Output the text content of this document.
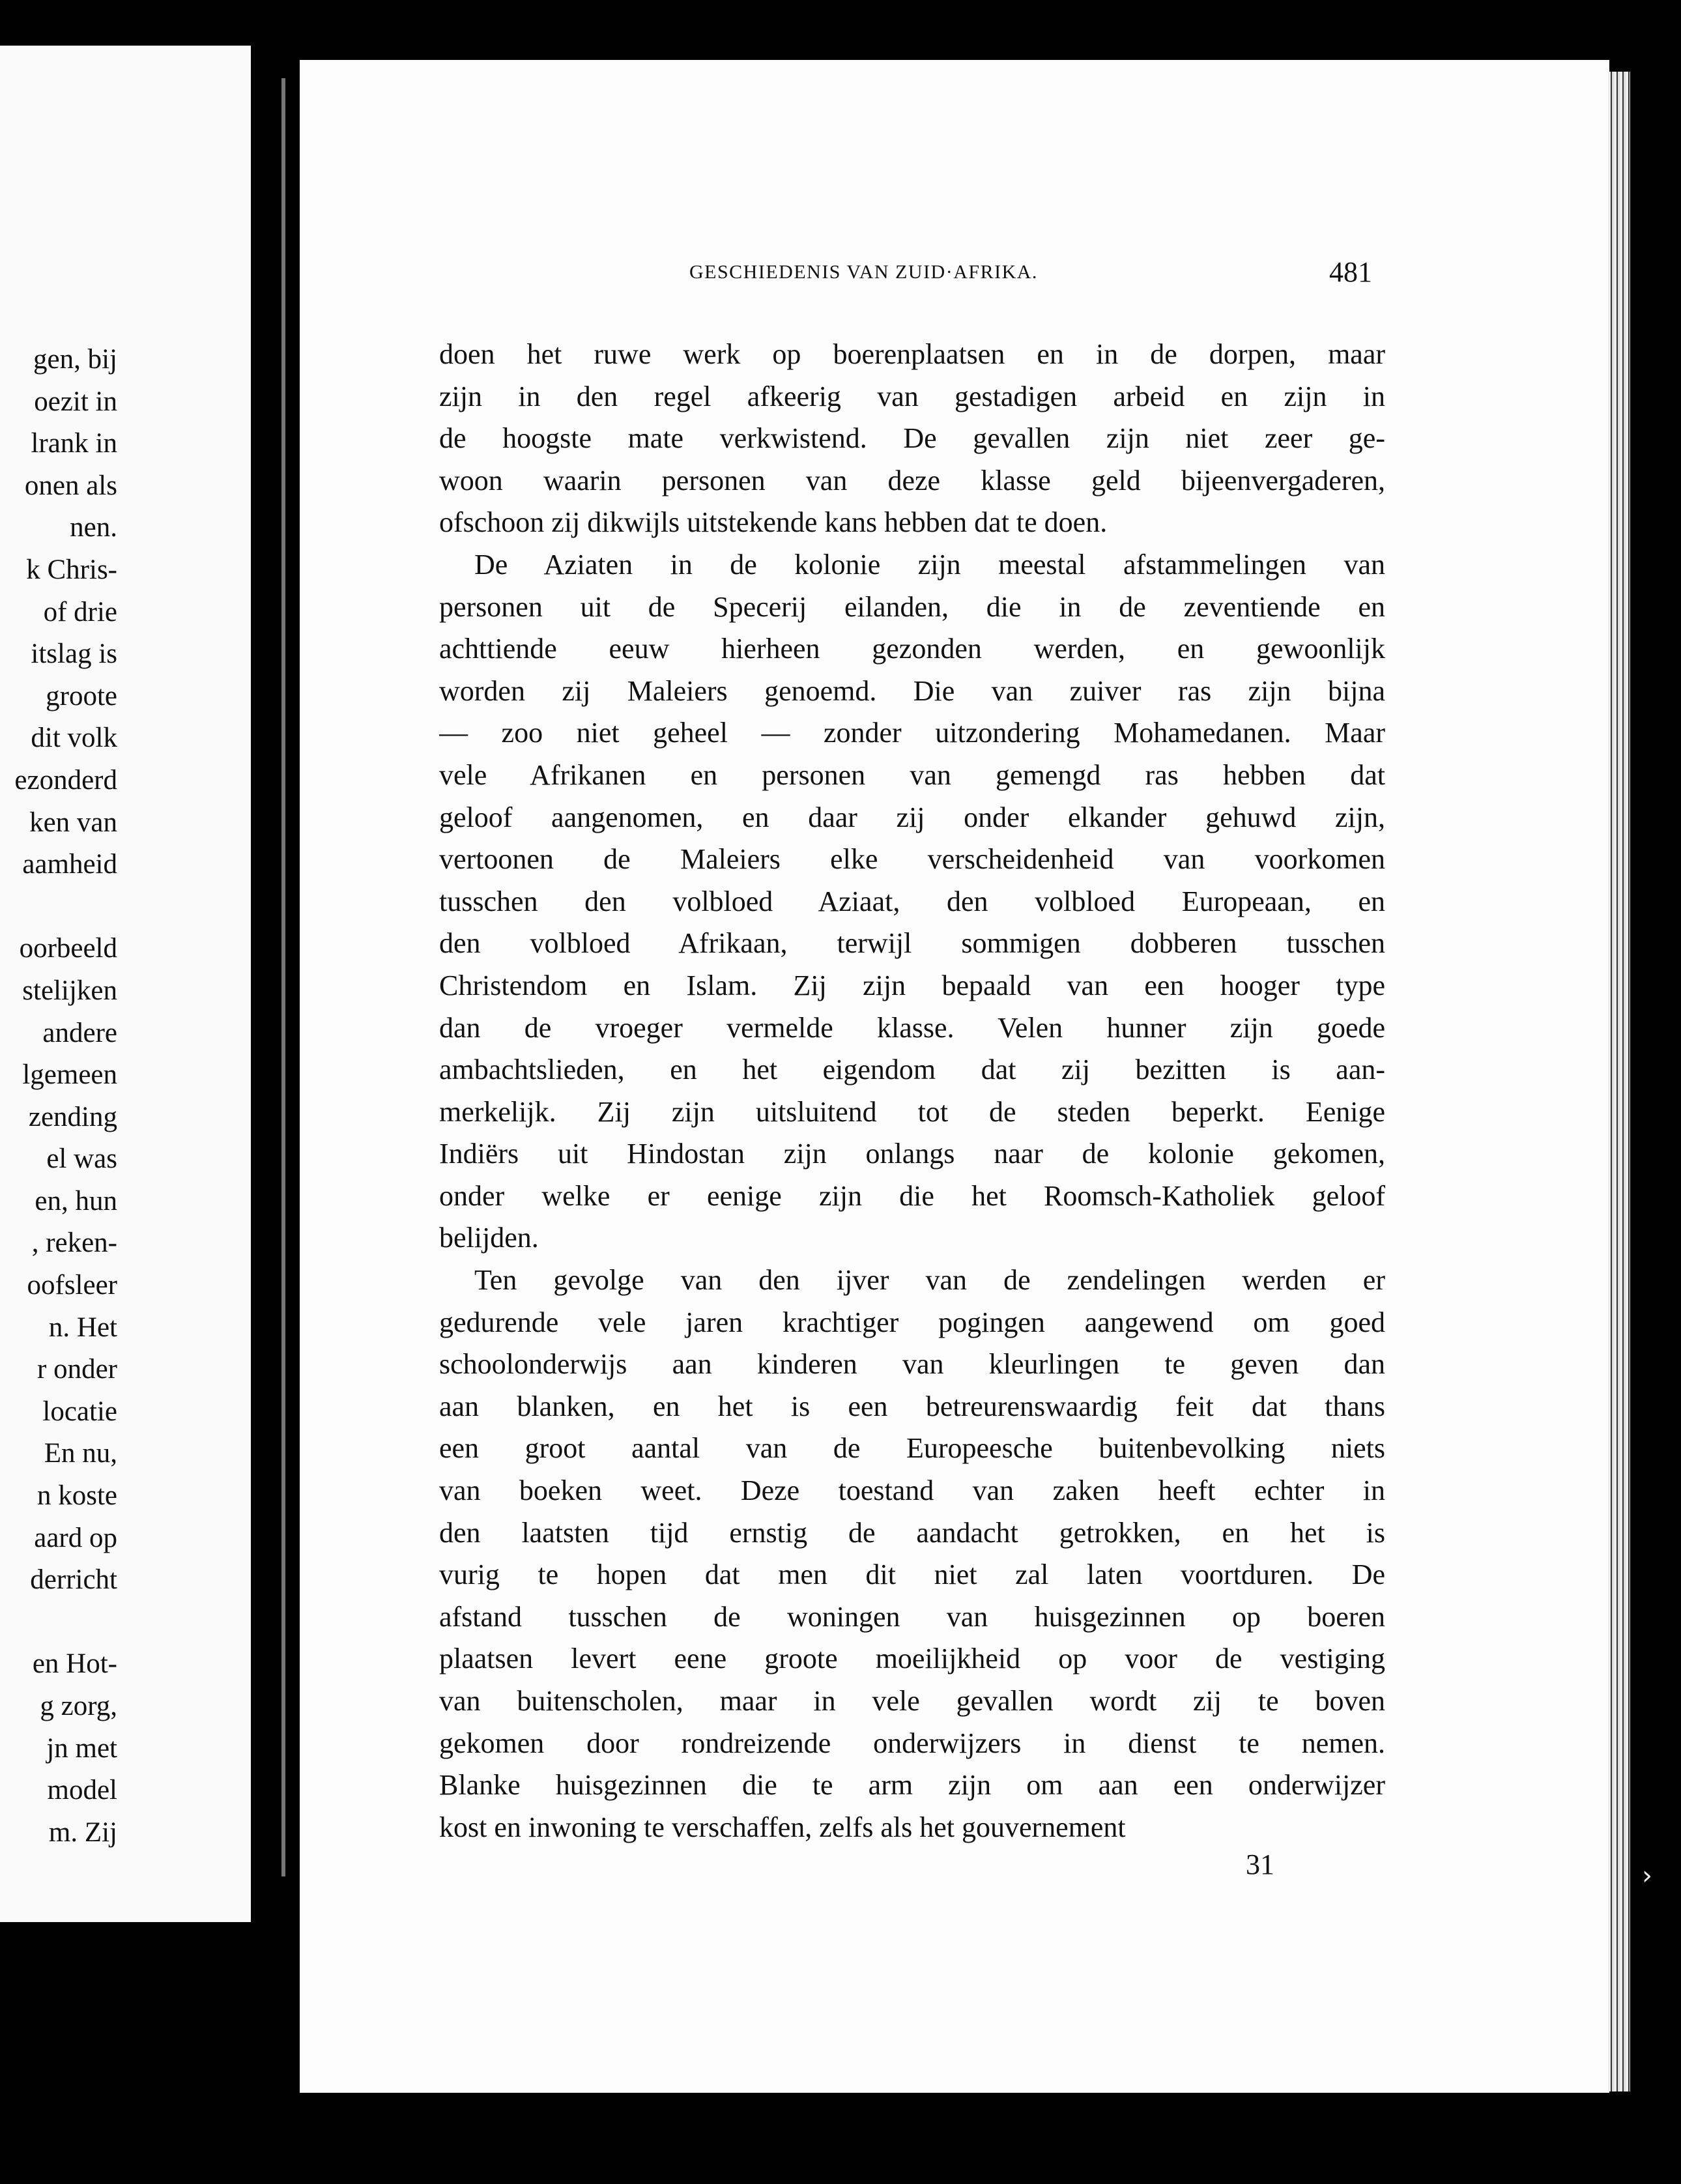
gen, bij
oezit in
lrank in
onen als
nen.
k Chris-
of drie
itslag is
groote
dit volk
ezonderd
ken van
aamheid
oorbeeld
stelijken
andere
lgemeen
zending
el was
en, hun
, reken-
oofsleer
n. Het
r onder
locatie
En nu,
n koste
aard op
derricht
en Hot-
g zorg,
jn met
model
m. Zij
GESCHIEDENIS VAN ZUID·AFRIKA.	481
doen het ruwe werk op boerenplaatsen en in de dorpen, maar
zijn in den regel afkeerig van gestadigen arbeid en zijn in
de hoogste mate verkwistend. De gevallen zijn niet zeer ge-
woon waarin personen van deze klasse geld bijeenvergaderen,
ofschoon zij dikwijls uitstekende kans hebben dat te doen.
De Aziaten in de kolonie zijn meestal afstammelingen van
personen uit de Specerij eilanden, die in de zeventiende en
achttiende eeuw hierheen gezonden werden, en gewoonlijk
worden zij Maleiers genoemd. Die van zuiver ras zijn bijna
— zoo niet geheel — zonder uitzondering Mohamedanen. Maar
vele Afrikanen en personen van gemengd ras hebben dat
geloof aangenomen, en daar zij onder elkander gehuwd zijn,
vertoonen de Maleiers elke verscheidenheid van voorkomen
tusschen den volbloed Aziaat, den volbloed Europeaan, en
den volbloed Afrikaan, terwijl sommigen dobberen tusschen
Christendom en Islam. Zij zijn bepaald van een hooger type
dan de vroeger vermelde klasse. Velen hunner zijn goede
ambachtslieden, en het eigendom dat zij bezitten is aan-
merkelijk. Zij zijn uitsluitend tot de steden beperkt. Eenige
Indiërs uit Hindostan zijn onlangs naar de kolonie gekomen,
onder welke er eenige zijn die het Roomsch-Katholiek geloof
belijden.
Ten gevolge van den ijver van de zendelingen werden er
gedurende vele jaren krachtiger pogingen aangewend om goed
schoolonderwijs aan kinderen van kleurlingen te geven dan
aan blanken, en het is een betreurenswaardig feit dat thans
een groot aantal van de Europeesche buitenbevolking niets
van boeken weet. Deze toestand van zaken heeft echter in
den laatsten tijd ernstig de aandacht getrokken, en het is
vurig te hopen dat men dit niet zal laten voortduren. De
afstand tusschen de woningen van huisgezinnen op boeren
plaatsen levert eene groote moeilijkheid op voor de vestiging
van buitenscholen, maar in vele gevallen wordt zij te boven
gekomen door rondreizende onderwijzers in dienst te nemen.
Blanke huisgezinnen die te arm zijn om aan een onderwijzer
kost en inwoning te verschaffen, zelfs als het gouvernement
31	›
